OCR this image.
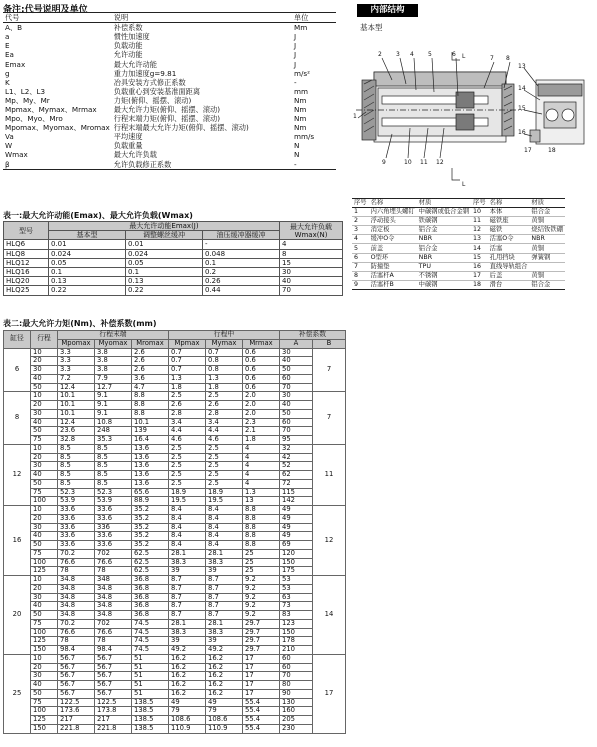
备注:代号说明及单位
代号	说明	单位
A、B	补偿系数	Mm
a	惯性加速度	J
E	负载动能	J
Ea	允许动能	J
Emax	最大允许动能	J
g	重力加速度g=9.81	m/s²
K	冶具安装方式修正系数	-
L1、L2、L3	负载重心到安装基准面距离	mm
Mp、My、Mr	力矩(俯仰、摇摆、滚动)	Nm
Mpmax、Mymax、Mrmax	最大允许力矩(俯仰、摇摆、滚动)	Nm
Mpo、Myo、Mro	行程末端力矩(俯仰、摇摆、滚动)	Nm
Mpomax、Myomax、Mromax	行程末端最大允许力矩(俯仰、摇摆、滚动)	Nm
Va	平均速度	mm/s
W	负载重量	N
Wmax	最大允许负载	N
β	允许负载修正系数	-
表一:最大允许动能(Emax)、最大允许负载(Wmax)
型号	最大允许动能Emax(J)			最大允许负载Wmax(N)
	基本型	调整螺丝缓冲	油压缓冲器缓冲	
HLQ6	0.01	0.01	-	4
HLQ8	0.024	0.024	0.048	8
HLQ12	0.05	0.05	0.1	15
HLQ16	0.1	0.1	0.2	30
HLQ20	0.13	0.13	0.26	40
HLQ25	0.22	0.22	0.44	70
表二:最大允许力矩(Nm)、补偿系数(mm)
缸径	行程	行程末端			行程中			补偿系数	
		Mpomax	Myomax	Mromax	Mpmax	Mymax	Mrmax	A	B
6	10	3.3	3.8	2.6	0.7	0.7	0.6	30	7
	20	3.3	3.8	2.6	0.7	0.8	0.6	40	
	30	3.3	3.8	2.6	0.7	0.8	0.6	50	
	40	7.2	7.9	3.6	1.3	1.3	0.6	60	
	50	12.4	12.7	4.7	1.8	1.8	0.6	70	
8	10	10.1	9.1	8.8	2.5	2.5	2.0	30	7
	20	10.1	9.1	8.8	2.6	2.6	2.0	40	
	30	10.1	9.1	8.8	2.8	2.8	2.0	50	
	40	12.4	10.8	10.1	3.4	3.4	2.3	60	
	50	23.6	248	139	4.4	4.4	2.1	70	
	75	32.8	35.3	16.4	4.6	4.6	1.8	95	
12	10	8.5	8.5	13.6	2.5	2.5	4	32	11
	20	8.5	8.5	13.6	2.5	2.5	4	42	
	30	8.5	8.5	13.6	2.5	2.5	4	52	
	40	8.5	8.5	13.6	2.5	2.5	4	62	
	50	8.5	8.5	13.6	2.5	2.5	4	72	
	75	52.3	52.3	65.6	18.9	18.9	1.3	115	
	100	53.9	53.9	88.9	19.5	19.5	13	142	
16	10	33.6	33.6	35.2	8.4	8.4	8.8	49	12
	20	33.6	33.6	35.2	8.4	8.4	8.8	49	
	30	33.6	336	35.2	8.4	8.4	8.8	49	
	40	33.6	33.6	35.2	8.4	8.4	8.8	49	
	50	33.6	33.6	35.2	8.4	8.4	8.8	69	
	75	70.2	702	62.5	28.1	28.1	25	120	
	100	76.6	76.6	62.5	38.3	38.3	25	150	
	125	78	78	62.5	39	39	25	175	
20	10	34.8	348	36.8	8.7	8.7	9.2	53	14
	20	34.8	34.8	36.8	8.7	8.7	9.2	53	
	30	34.8	34.8	36.8	8.7	8.7	9.2	63	
	40	34.8	34.8	36.8	8.7	8.7	9.2	73	
	50	34.8	34.8	36.8	8.7	8.7	9.2	83	
	75	70.2	702	74.5	28.1	28.1	29.7	123	
	100	76.6	76.6	74.5	38.3	38.3	29.7	150	
	125	78	78	74.5	39	39	29.7	178	
	150	98.4	98.4	74.5	49.2	49.2	29.7	210	
25	10	56.7	56.7	51	16.2	16.2	17	60	17
	20	56.7	56.7	51	16.2	16.2	17	60	
	30	56.7	56.7	51	16.2	16.2	17	70	
	40	56.7	56.7	51	16.2	16.2	17	80	
	50	56.7	56.7	51	16.2	16.2	17	90	
	75	122.5	122.5	138.5	49	49	55.4	130	
	100	173.6	173.8	138.5	79	79	55.4	160	
	125	217	217	138.5	108.6	108.6	55.4	205	
	150	221.8	221.8	138.5	110.9	110.9	55.4	230	
内部结构
基本型
1
2 3 4 5	6
7 8
9	10 11 12
13
14
15
16
17	18
L
L
序号	名称	材质	序号	名称	材质
1	内六角埋头螺钉	中碳钢或低合金钢	10	本体	铝合金
2	浮动接头	铁碳钢	11	磁铁座	黄铜
3	消定板	铝合金	12	磁铁	烧结钕铁硼
4	缓冲O令	NBR	13	活塞O令	NBR
5	前盖	铝合金	14	活塞	黄铜
6	O型环	NBR	15	孔用挡块	弹簧钢
7	防撞垫	TPU	16	直线导轨组合	
8	活塞杆A	不锈钢	17	后盖	黄铜
9	活塞杆B	中碳钢	18	滑台	铝合金
